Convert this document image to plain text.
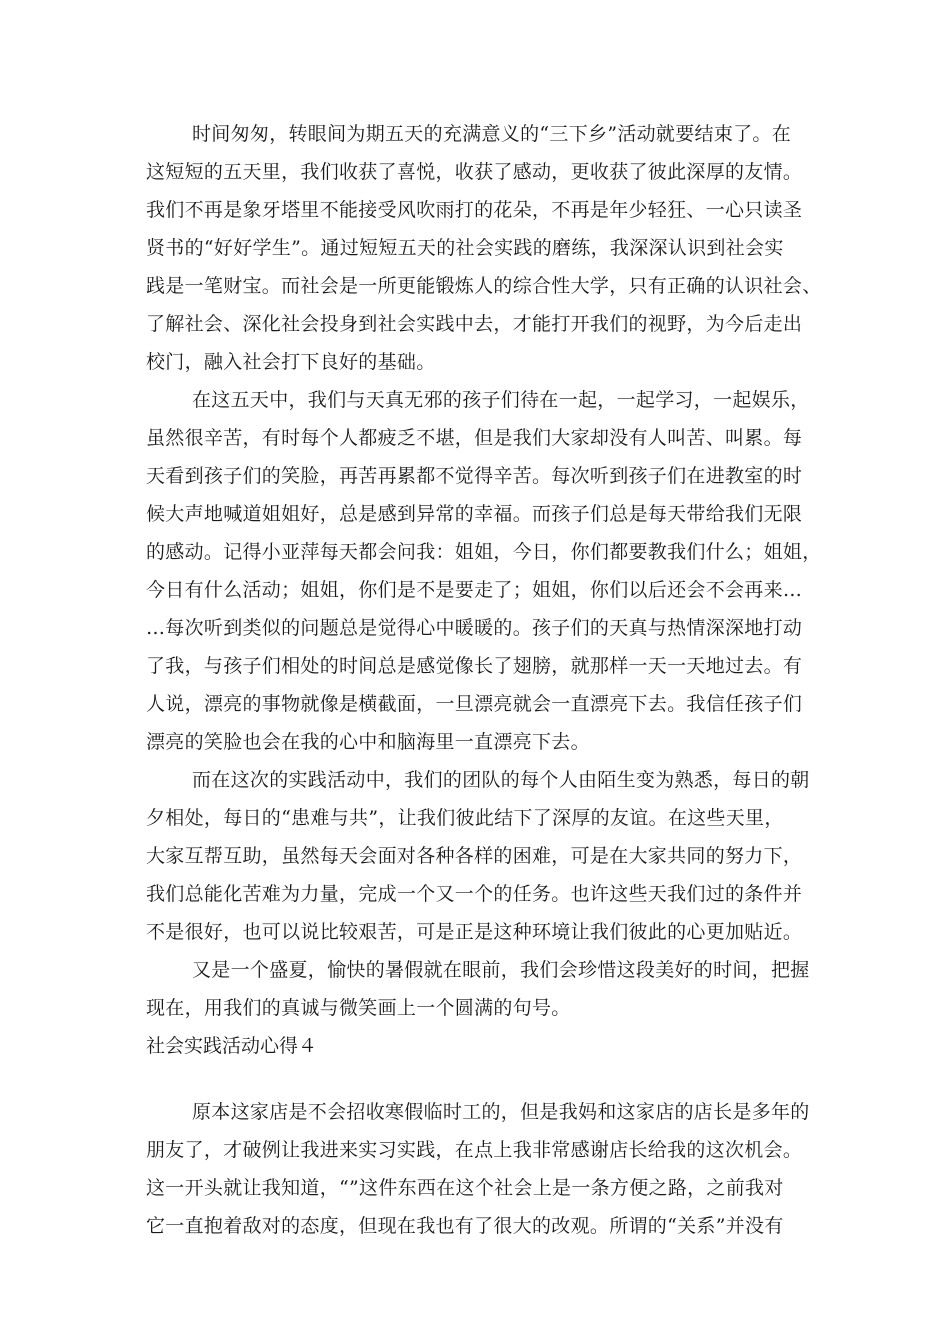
时间匆匆，转眼间为期五天的充满意义的“三下乡”活动就要结束了。在
这短短的五天里，我们收获了喜悦，收获了感动，更收获了彼此深厚的友情。
我们不再是象牙塔里不能接受风吹雨打的花朵，不再是年少轻狂、一心只读圣
贤书的“好好学生”。通过短短五天的社会实践的磨练，我深深认识到社会实
践是一笔财宝。而社会是一所更能锻炼人的综合性大学，只有正确的认识社会、
了解社会、深化社会投身到社会实践中去，才能打开我们的视野，为今后走出
校门，融入社会打下良好的基础。
在这五天中，我们与天真无邪的孩子们待在一起，一起学习，一起娱乐，
虽然很辛苦，有时每个人都疲乏不堪，但是我们大家却没有人叫苦、叫累。每
天看到孩子们的笑脸，再苦再累都不觉得辛苦。每次听到孩子们在进教室的时
候大声地喊道姐姐好，总是感到异常的幸福。而孩子们总是每天带给我们无限
的感动。记得小亚萍每天都会问我：姐姐，今日，你们都要教我们什么；姐姐，
今日有什么活动；姐姐，你们是不是要走了；姐姐，你们以后还会不会再来…
…每次听到类似的问题总是觉得心中暖暖的。孩子们的天真与热情深深地打动
了我，与孩子们相处的时间总是感觉像长了翅膀，就那样一天一天地过去。有
人说，漂亮的事物就像是横截面，一旦漂亮就会一直漂亮下去。我信任孩子们
漂亮的笑脸也会在我的心中和脑海里一直漂亮下去。
而在这次的实践活动中，我们的团队的每个人由陌生变为熟悉，每日的朝
夕相处，每日的“患难与共”，让我们彼此结下了深厚的友谊。在这些天里，
大家互帮互助，虽然每天会面对各种各样的困难，可是在大家共同的努力下，
我们总能化苦难为力量，完成一个又一个的任务。也许这些天我们过的条件并
不是很好，也可以说比较艰苦，可是正是这种环境让我们彼此的心更加贴近。
又是一个盛夏，愉快的暑假就在眼前，我们会珍惜这段美好的时间，把握
现在，用我们的真诚与微笑画上一个圆满的句号。
社会实践活动心得４
原本这家店是不会招收寒假临时工的，但是我妈和这家店的店长是多年的
朋友了，才破例让我进来实习实践，在点上我非常感谢店长给我的这次机会。
这一开头就让我知道，“”这件东西在这个社会上是一条方便之路，之前我对
它一直抱着敌对的态度，但现在我也有了很大的改观。所谓的“关系”并没有
